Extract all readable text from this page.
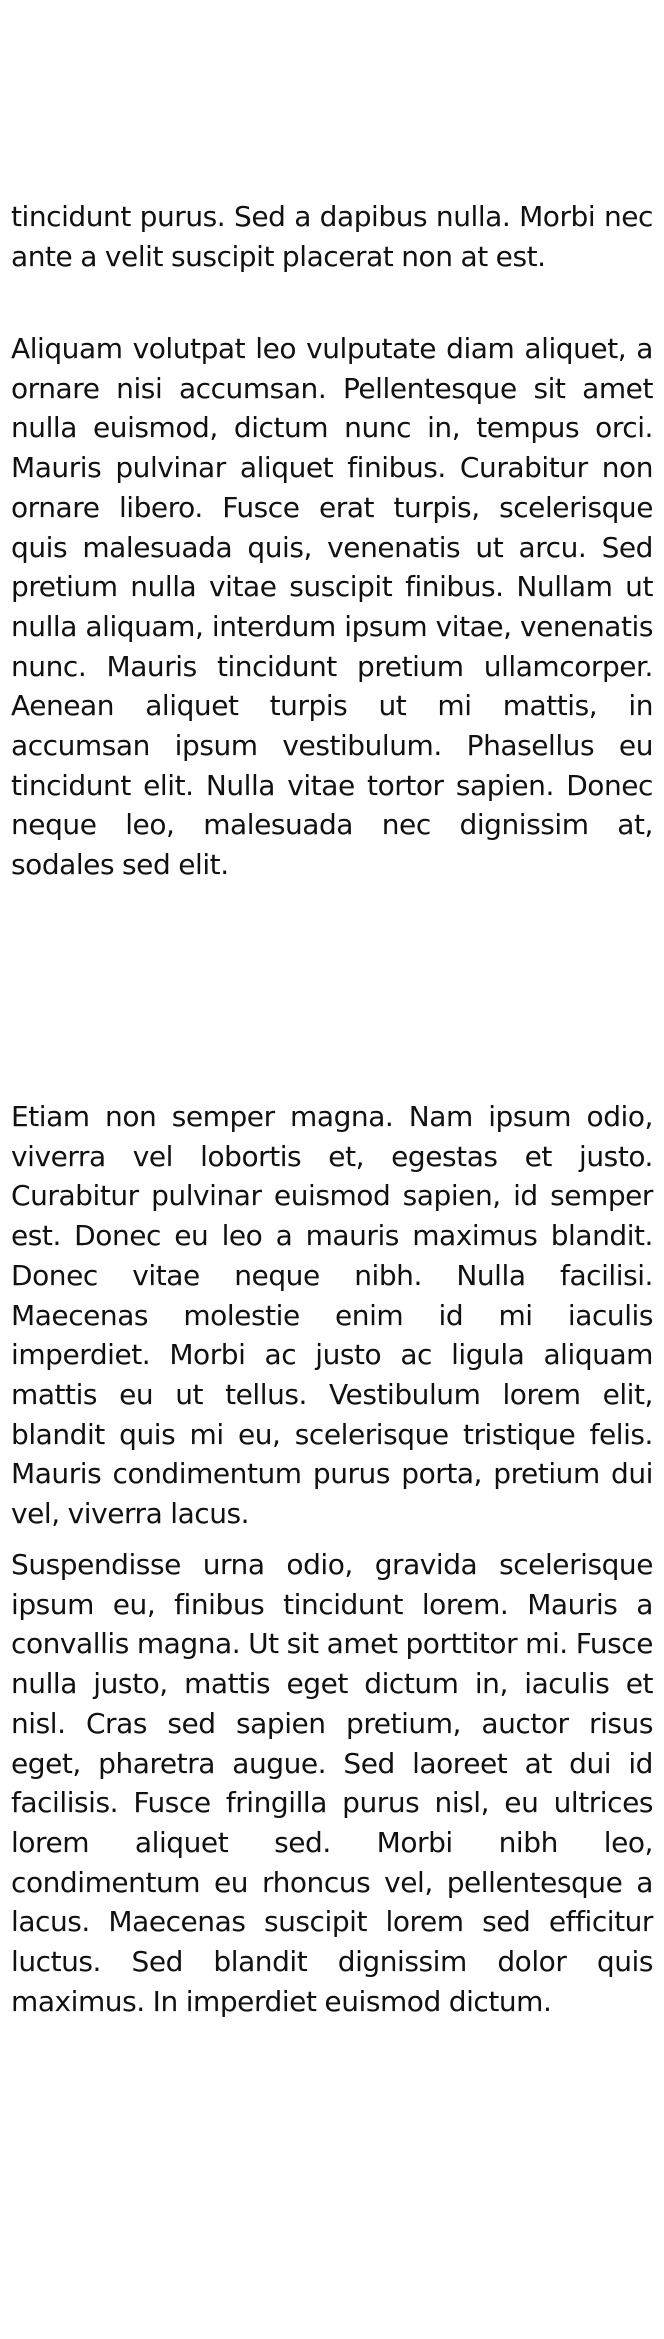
tincidunt purus. Sed a dapibus nulla. Morbi nec ante a velit suscipit placerat non at est.

Aliquam volutpat leo vulputate diam aliquet, a ornare nisi accumsan. Pellentesque sit amet nulla euismod, dictum nunc in, tempus orci. Mauris pulvinar aliquet finibus. Curabitur non ornare libero. Fusce erat turpis, scelerisque quis malesuada quis, venenatis ut arcu. Sed pretium nulla vitae suscipit finibus. Nullam ut nulla aliquam, interdum ipsum vitae, venenatis nunc. Mauris tincidunt pretium ullamcorper. Aenean aliquet turpis ut mi mattis, in accumsan ipsum vestibulum. Phasellus eu tincidunt elit. Nulla vitae tortor sapien. Donec neque leo, malesuada nec dignissim at, sodales sed elit.

Etiam non semper magna. Nam ipsum odio, viverra vel lobortis et, egestas et justo. Curabitur pulvinar euismod sapien, id semper est. Donec eu leo a mauris maximus blandit. Donec vitae neque nibh. Nulla facilisi. Maecenas molestie enim id mi iaculis imperdiet. Morbi ac justo ac ligula aliquam mattis eu ut tellus. Vestibulum lorem elit, blandit quis mi eu, scelerisque tristique felis. Mauris condimentum purus porta, pretium dui vel, viverra lacus.

Suspendisse urna odio, gravida scelerisque ipsum eu, finibus tincidunt lorem. Mauris a convallis magna. Ut sit amet porttitor mi. Fusce nulla justo, mattis eget dictum in, iaculis et nisl. Cras sed sapien pretium, auctor risus eget, pharetra augue. Sed laoreet at dui id facilisis. Fusce fringilla purus nisl, eu ultrices lorem aliquet sed. Morbi nibh leo, condimentum eu rhoncus vel, pellentesque a lacus. Maecenas suscipit lorem sed efficitur luctus. Sed blandit dignissim dolor quis maximus. In imperdiet euismod dictum.
